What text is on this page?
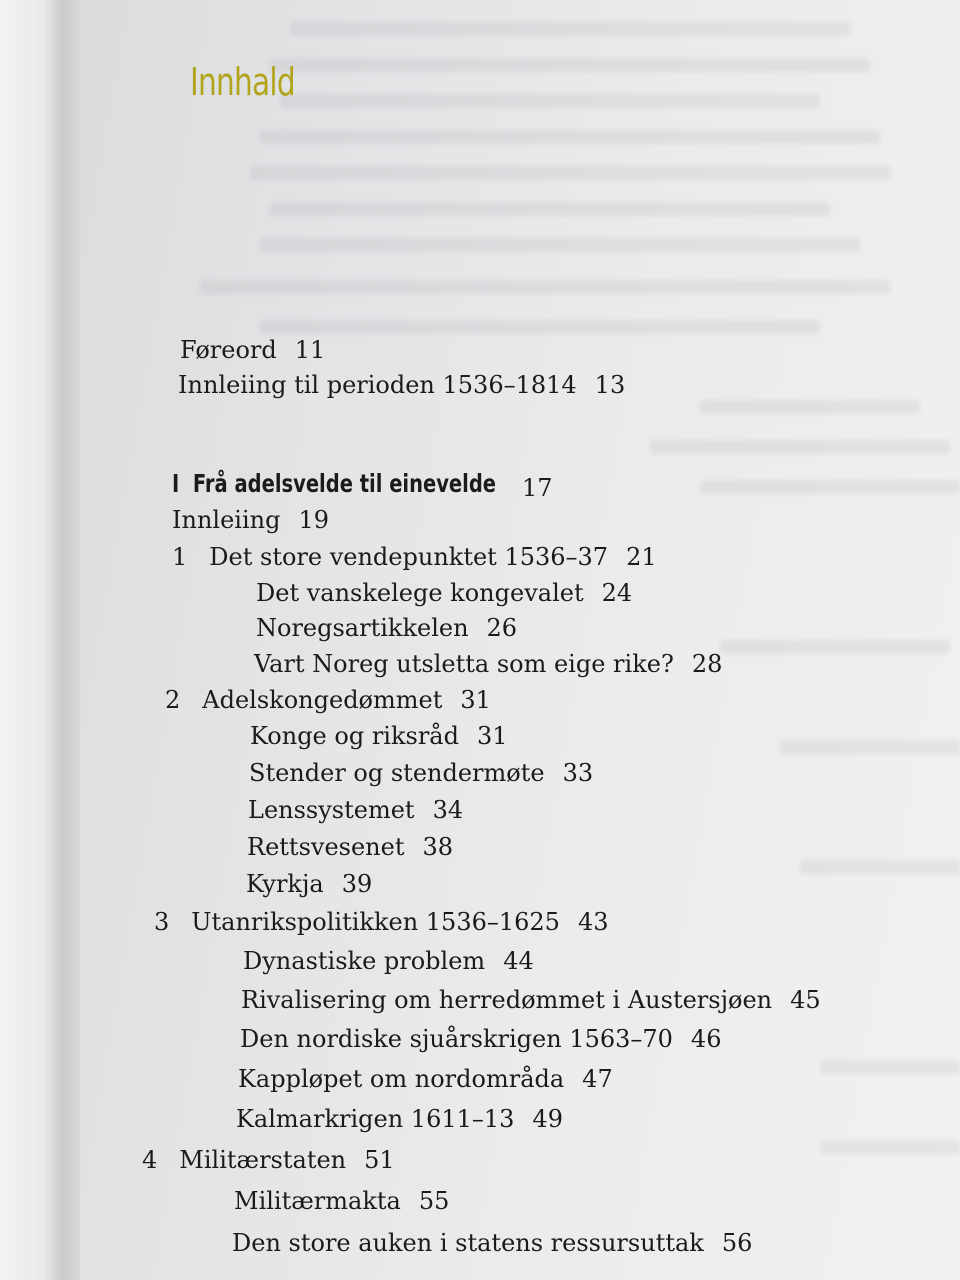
Innhald
Føreord 11
Innleiing til perioden 1536–1814 13
I Frå adelsvelde til einevelde	17
Innleiing 19
1 Det store vendepunktet 1536–37 21
Det vanskelege kongevalet 24
Noregsartikkelen 26
Vart Noreg utsletta som eige rike? 28
2 Adelskongedømmet 31
Konge og riksråd 31
Stender og stendermøte 33
Lenssystemet 34
Rettsvesenet 38
Kyrkja 39
3 Utanrikspolitikken 1536–1625 43
Dynastiske problem 44
Rivalisering om herredømmet i Austersjøen 45
Den nordiske sjuårskrigen 1563–70 46
Kappløpet om nordområda 47
Kalmarkrigen 1611–13 49
4 Militærstaten 51
Militærmakta 55
Den store auken i statens ressursuttak 56
